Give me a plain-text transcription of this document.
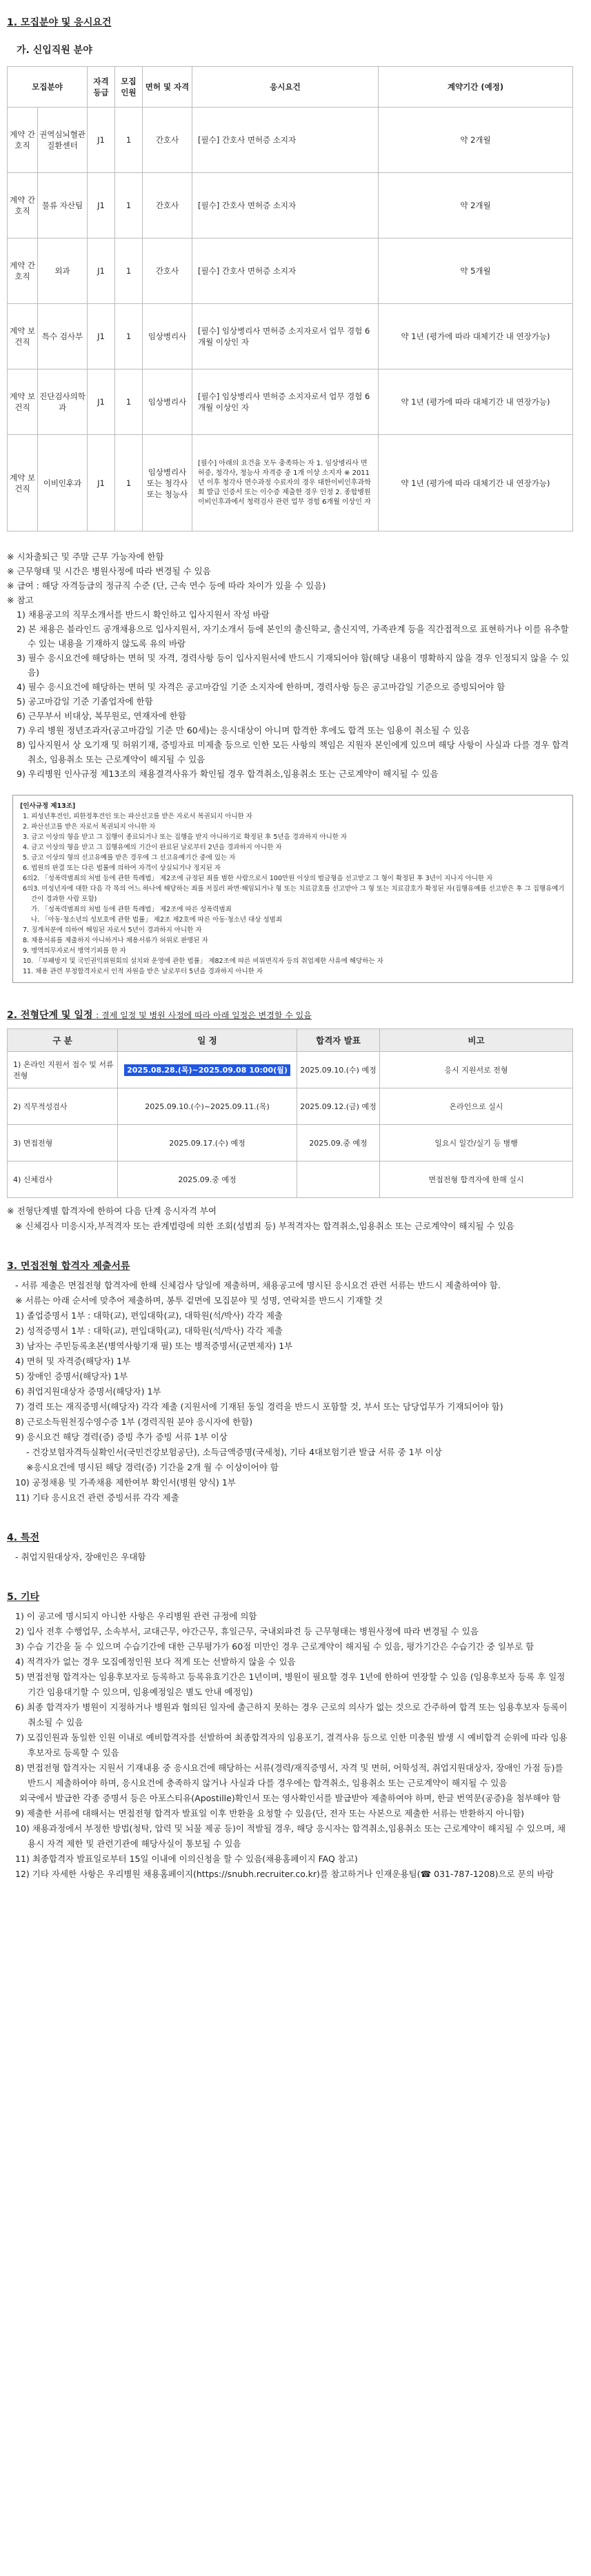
1. 모집분야 및 응시요건
가. 신입직원 분야
모집분야		자격 등급	모집 인원	면허 및 자격	응시요건	계약기간 (예정)
계약 간호직	권역심뇌혈관 질환센터	J1	1	간호사	[필수] 간호사 면허증 소지자	약 2개월
계약 간호직	물류 자산팀	J1	1	간호사	[필수] 간호사 면허증 소지자	약 2개월
계약 간호직	외과	J1	1	간호사	[필수] 간호사 면허증 소지자	약 5개월
계약 보건직	특수 검사부	J1	1	임상병리사	[필수] 임상병리사 면허증 소지자로서 업무 경험 6개월 이상인 자	약 1년 (평가에 따라 대체기간 내 연장가능)
계약 보건직	진단검사의학과	J1	1	임상병리사	[필수] 임상병리사 면허증 소지자로서 업무 경험 6개월 이상인 자	약 1년 (평가에 따라 대체기간 내 연장가능)
계약 보건직	이비인후과	J1	1	임상병리사 또는 청각사 또는 청능사	[필수] 아래의 요건을 모두 충족하는 자 1. 임상병리사 면허증, 청각사, 청능사 자격증 중 1개 이상 소지자 ※ 2011년 이후 청각사 면수과정 수료자의 경우 대한이비인후과학회 발급 인증서 또는 이수증 제출한 경우 인정 2. 종합병원 이비인후과에서 청력검사 관련 업무 경험 6개월 이상인 자	약 1년 (평가에 따라 대체기간 내 연장가능)

※ 시차출퇴근 및 주말 근무 가능자에 한함

※ 근무형태 및 시간은 병원사정에 따라 변경될 수 있음

※ 급여 : 해당 자격등급의 정규직 수준 (단, 근속 연수 등에 따라 차이가 있을 수 있음)

※ 참고

1) 채용공고의 직무소개서를 반드시 확인하고 입사지원서 작성 바람

2) 본 채용은 블라인드 공개채용으로 입사지원서, 자기소개서 등에 본인의 출신학교, 출신지역, 가족관계 등을 직간접적으로 표현하거나 이를 유추할 수 있는 내용을 기재하지 않도록 유의 바람

3) 필수 응시요건에 해당하는 면허 및 자격, 경력사항 등이 입사지원서에 반드시 기재되어야 함(해당 내용이 명확하지 않을 경우 인정되지 않을 수 있음)

4) 필수 응시요건에 해당하는 면허 및 자격은 공고마감일 기준 소지자에 한하며, 경력사항 등은 공고마감일 기준으로 증빙되어야 함

5) 공고마감일 기준 기졸업자에 한함

6) 근무부서 비대상, 복무원로, 연재자에 한함

7) 우리 병원 정년조과자(공고마감일 기준 만 60세)는 응시대상이 아니며 합격한 후에도 합격 또는 임용이 취소될 수 있음

8) 입사지원서 상 오기재 및 허위기재, 증빙자료 미제출 등으로 인한 모든 사항의 책임은 지원자 본인에게 있으며 해당 사항이 사실과 다를 경우 합격취소, 임용취소 또는 근로계약이 해지될 수 있음

9) 우리병원 인사규정 제13조의 채용결격사유가 확인될 경우 합격취소,임용취소 또는 근로계약이 해지될 수 있음

[인사규정 제13조]

1. 피성년후견인, 피한정후견인 또는 파산선고를 받은 자로서 복권되지 아니한 자

2. 파산선고를 받은 자로서 복권되지 아니한 자

3. 금고 이상의 형을 받고 그 집행이 종료되거나 또는 집행을 받지 아니하기로 확정된 후 5년을 경과하지 아니한 자

4. 금고 이상의 형을 받고 그 집행유예의 기간이 완료된 날로부터 2년을 경과하지 아니한 자

5. 금고 이상의 형의 선고유예를 받은 경우에 그 선고유예기간 중에 있는 자

6. 법원의 판결 또는 다른 법률에 의하여 자격이 상실되거나 정지된 자

6의2. 「성폭력범죄의 처벌 등에 관한 특례법」 제2조에 규정된 죄를 범한 사람으로서 100만원 이상의 벌금형을 선고받고 그 형이 확정된 후 3년이 지나지 아니한 자

6의3. 미성년자에 대한 다음 각 목의 어느 하나에 해당하는 죄를 저질러 파면·해임되거나 형 또는 치료감호를 선고받아 그 형 또는 치료감호가 확정된 자(집행유예를 선고받은 후 그 집행유예기간이 경과한 사람 포함)

가. 「성폭력범죄의 처벌 등에 관한 특례법」 제2조에 따른 성폭력범죄

나. 「아동·청소년의 성보호에 관한 법률」 제2조 제2호에 따른 아동·청소년 대상 성범죄

7. 징계처분에 의하여 해임된 자로서 5년이 경과하지 아니한 자

8. 채용서류를 제출하지 아니하거나 채용서류가 허위로 판명된 자

9. 병역의무자로서 병역기피를 한 자

10. 「부패방지 및 국민권익위원회의 설치와 운영에 관한 법률」 제82조에 따른 비위면직자 등의 취업제한 사유에 해당하는 자

11. 채용 관련 부정합격자로서 인적 자원을 받은 날로부터 5년을 경과하지 아니한 자

2. 전형단계 및 일정 : 결제 일정 및 병원 사정에 따라 아래 일정은 변경할 수 있음
구 분	일 정	합격자 발표	비고
1) 온라인 지원서 접수 및 서류전형	2025.08.28.(목)~2025.09.08 10:00(월)	2025.09.10.(수) 예정	응시 지원서로 전형
2) 직무적성검사	2025.09.10.(수)~2025.09.11.(목)	2025.09.12.(금) 예정	온라인으로 실시
3) 면접전형	2025.09.17.(수) 예정	2025.09.중 예정	일요시 일간/실기 등 병행
4) 신체검사	2025.09.중 예정		면접전형 합격자에 한해 실시

※ 전형단계별 합격자에 한하여 다음 단계 응시자격 부여

※ 신체검사 미응시자,부적격자 또는 관계법령에 의한 조회(성범죄 등) 부적격자는 합격취소,임용취소 또는 근로계약이 해지될 수 있음

3. 면접전형 합격자 제출서류

- 서류 제출은 면접전형 합격자에 한해 신체검사 당일에 제출하며, 채용공고에 명시된 응시요건 관련 서류는 반드시 제출하여야 함.

※ 서류는 아래 순서에 맞추어 제출하며, 봉투 겉면에 모집분야 및 성명, 연락처를 반드시 기재할 것

1) 졸업증명서 1부 : 대학(교), 편입대학(교), 대학원(석/박사) 각각 제출

2) 성적증명서 1부 : 대학(교), 편입대학(교), 대학원(석/박사) 각각 제출

3) 남자는 주민등록초본(병역사항기재 필) 또는 병적증명서(군면제자) 1부

4) 면허 및 자격증(해당자) 1부

5) 장애인 증명서(해당자) 1부

6) 취업지원대상자 증명서(해당자) 1부

7) 경력 또는 재직증명서(해당자) 각각 제출 (지원서에 기재된 동일 경력을 반드시 포함할 것, 부서 또는 담당업무가 기재되어야 함)

8) 근로소득원천징수영수증 1부 (경력직원 분야 응시자에 한함)

9) 응시요건 해당 경력(증) 증빙 추가 증빙 서류 1부 이상

- 건강보험자격득실확인서(국민건강보험공단), 소득금액증명(국세청), 기타 4대보험기관 발급 서류 중 1부 이상

※응시요건에 명시된 해당 경력(증) 기간을 2개 월 수 이상이어야 함

10) 공정채용 및 가족채용 제한여부 확인서(병원 양식) 1부

11) 기타 응시요건 관련 증빙서류 각각 제출

4. 특전

- 취업지원대상자, 장애인은 우대함

5. 기타

1) 이 공고에 명시되지 아니한 사항은 우리병원 관련 규정에 의함

2) 입사 전후 수행업무, 소속부서, 교대근무, 야간근무, 휴일근무, 국내외파견 등 근무형태는 병원사정에 따라 변경될 수 있음

3) 수습 기간을 둘 수 있으며 수습기간에 대한 근무평가가 60점 미만인 경우 근로계약이 해지될 수 있음, 평가기간은 수습기간 중 일부로 함

4) 적격자가 없는 경우 모집예정인원 보다 적게 또는 선발하지 않을 수 있음

5) 면접전형 합격자는 임용후보자로 등록하고 등록유효기간은 1년이며, 병원이 필요할 경우 1년에 한하여 연장할 수 있음 (임용후보자 등록 후 일정기간 임용대기할 수 있으며, 임용예정일은 별도 안내 예정임)

6) 최종 합격자가 병원이 지정하거나 병원과 협의된 일자에 출근하지 못하는 경우 근로의 의사가 없는 것으로 간주하여 합격 또는 임용후보자 등록이 취소될 수 있음

7) 모집인원과 동일한 인원 이내로 예비합격자를 선발하여 최종합격자의 임용포기, 결격사유 등으로 인한 미충원 발생 시 예비합격 순위에 따라 임용후보자로 등록할 수 있음

8) 면접전형 합격자는 지원서 기재내용 중 응시요건에 해당하는 서류(경력/재직증명서, 자격 및 면허, 어학성적, 취업지원대상자, 장애인 가점 등)를 반드시 제출하여야 하며, 응시요건에 충족하지 않거나 사실과 다를 경우에는 합격취소, 임용취소 또는 근로계약이 해지될 수 있음

외국에서 발급한 각종 증명서 등은 아포스티유(Apostille)확인서 또는 영사확인서를 발급받아 제출하여야 하며, 한글 번역문(공증)을 첨부해야 함

9) 제출한 서류에 대해서는 면접전형 합격자 발표일 이후 반환을 요청할 수 있음(단, 전자 또는 사본으로 제출한 서류는 반환하지 아니함)

10) 채용과정에서 부정한 방법(청탁, 압력 및 뇌물 제공 등)이 적발될 경우, 해당 응시자는 합격취소,임용취소 또는 근로계약이 해지될 수 있으며, 채용시 자격 제한 및 관련기관에 해당사실이 통보될 수 있음

11) 최종합격자 발표일로부터 15일 이내에 이의신청을 할 수 있음(채용홈페이지 FAQ 참고)

12) 기타 자세한 사항은 우리병원 채용홈페이지(https://snubh.recruiter.co.kr)를 참고하거나 인재운용팀(☎ 031-787-1208)으로 문의 바람
